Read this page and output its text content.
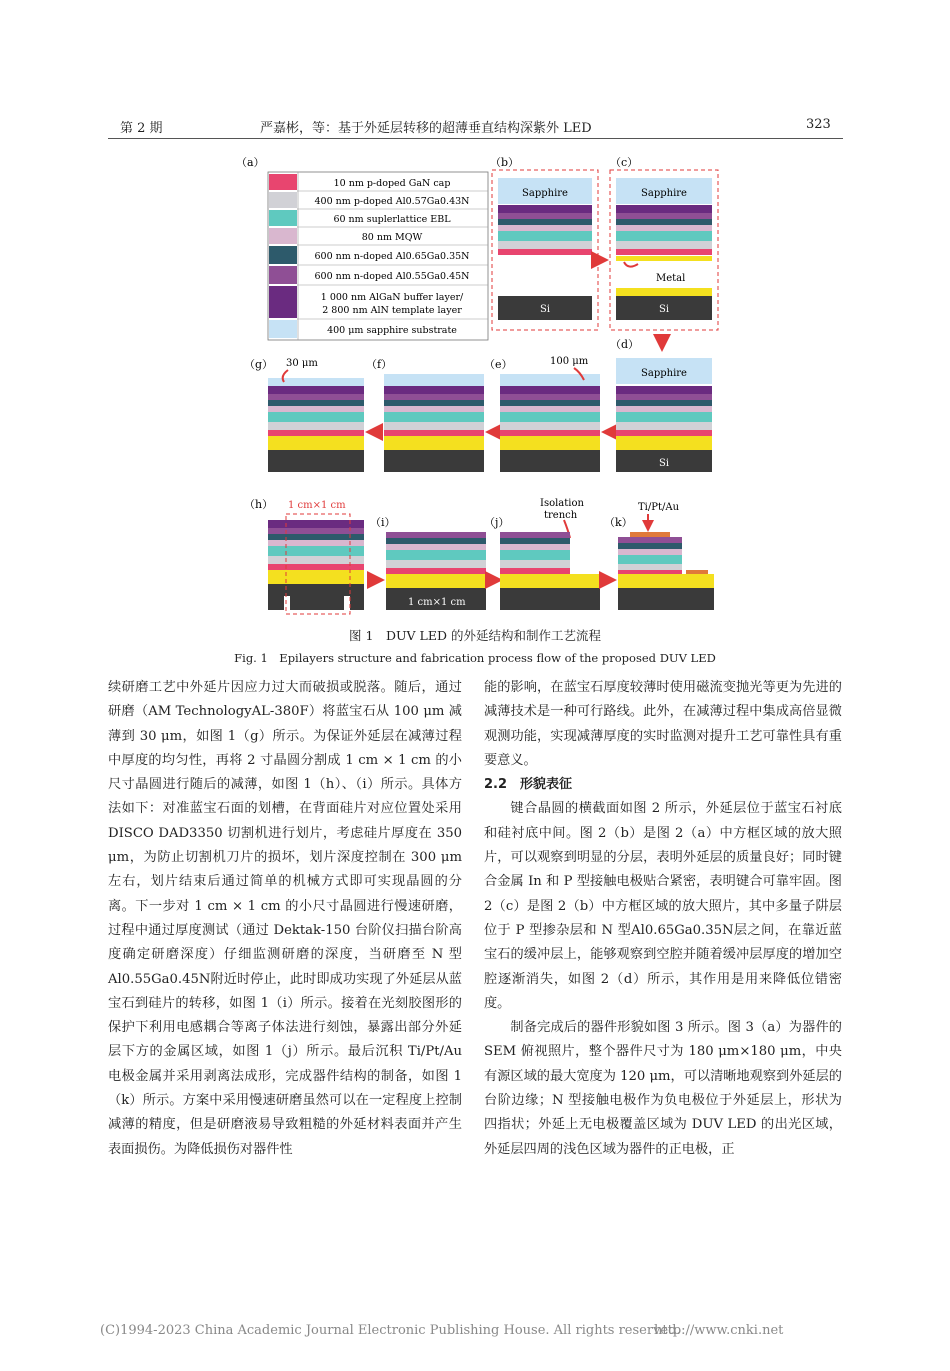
第 2 期	严嘉彬，等：基于外延层转移的超薄垂直结构深紫外 LED	323
（a）
10 nm p-doped GaN cap
400 nm p-doped Al0.57Ga0.43N
60 nm suplerlattice EBL
80 nm MQW
600 nm n-doped Al0.65Ga0.35N
600 nm n-doped Al0.55Ga0.45N
1 000 nm AlGaN buffer layer/
2 800 nm AlN template layer
400 μm sapphire substrate
（b）
Sapphire
Si
（c）
Sapphire
Metal
Si
（g）	（f）	（e）
（d）
30 μm	100 μm
Sapphire
Si
（h） 1 cm×1 cm
（i）
1 cm×1 cm
（j）
Isolation
trench
（k）
Ti/Pt/Au
图 1　DUV LED 的外延结构和制作工艺流程
Fig. 1　Epilayers structure and fabrication process flow of the proposed DUV LED

续研磨工艺中外延片因应力过大而破损或脱落。随后，通过研磨（AM TechnologyAL-380F）将蓝宝石从 100 μm 减薄到 30 μm，如图 1（g）所示。为保证外延层在减薄过程中厚度的均匀性，再将 2 寸晶圆分割成 1 cm × 1 cm 的小尺寸晶圆进行随后的减薄，如图 1（h）、（i）所示。具体方法如下：对准蓝宝石面的划槽，在背面硅片对应位置处采用 DISCO DAD3350 切割机进行划片，考虑硅片厚度在 350 μm，为防止切割机刀片的损坏，划片深度控制在 300 μm 左右，划片结束后通过简单的机械方式即可实现晶圆的分离。下一步对 1 cm × 1 cm 的小尺寸晶圆进行慢速研磨，过程中通过厚度测试（通过 Dektak-150 台阶仪扫描台阶高度确定研磨深度）仔细监测研磨的深度，当研磨至 N 型Al0.55Ga0.45N附近时停止，此时即成功实现了外延层从蓝宝石到硅片的转移，如图 1（i）所示。接着在光刻胶图形的保护下利用电感耦合等离子体法进行刻蚀，暴露出部分外延层下方的金属区域，如图 1（j）所示。最后沉积 Ti/Pt/Au 电极金属并采用剥离法成形，完成器件结构的制备，如图 1（k）所示。方案中采用慢速研磨虽然可以在一定程度上控制减薄的精度，但是研磨液易导致粗糙的外延材料表面并产生表面损伤。为降低损伤对器件性

能的影响，在蓝宝石厚度较薄时使用磁流变抛光等更为先进的减薄技术是一种可行路线。此外，在减薄过程中集成高倍显微观测功能，实现减薄厚度的实时监测对提升工艺可靠性具有重要意义。

2.2　形貌表征

键合晶圆的横截面如图 2 所示，外延层位于蓝宝石衬底和硅衬底中间。图 2（b）是图 2（a）中方框区域的放大照片，可以观察到明显的分层，表明外延层的质量良好；同时键合金属 In 和 P 型接触电极贴合紧密，表明键合可靠牢固。图 2（c）是图 2（b）中方框区域的放大照片，其中多量子阱层位于 P 型掺杂层和 N 型Al0.65Ga0.35N层之间，在靠近蓝宝石的缓冲层上，能够观察到空腔并随着缓冲层厚度的增加空腔逐渐消失，如图 2（d）所示，其作用是用来降低位错密度。

制备完成后的器件形貌如图 3 所示。图 3（a）为器件的 SEM 俯视照片，整个器件尺寸为 180 μm×180 μm，中央有源区域的最大宽度为 120 μm，可以清晰地观察到外延层的台阶边缘；N 型接触电极作为负电极位于外延层上，形状为四指状；外延上无电极覆盖区域为 DUV LED 的出光区域，外延层四周的浅色区域为器件的正电极，正

(C)1994-2023 China Academic Journal Electronic Publishing House. All rights reserved.
http://www.cnki.net
